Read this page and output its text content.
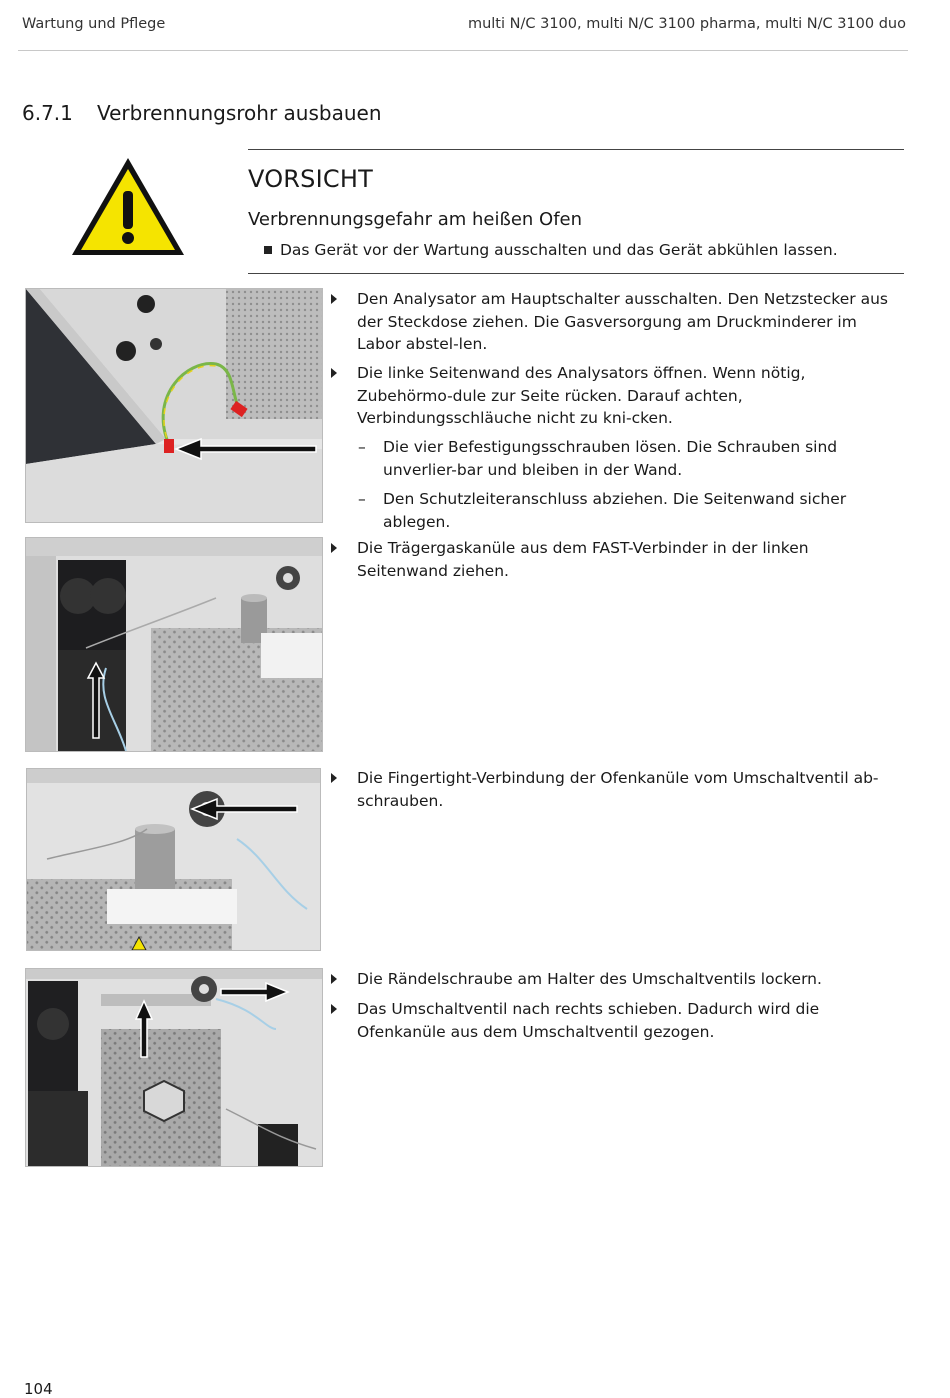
Wartung und Pflege	multi N/C 3100, multi N/C 3100 pharma, multi N/C 3100 duo
6.7.1 Verbrennungsrohr ausbauen
VORSICHT
Verbrennungsgefahr am heißen Ofen
Das Gerät vor der Wartung ausschalten und das Gerät abkühlen lassen.
Den Analysator am Hauptschalter ausschalten. Den Netzstecker aus der Steckdose ziehen. Die Gasversorgung am Druckminderer im Labor abstel-len.
Die linke Seitenwand des Analysators öffnen. Wenn nötig, Zubehörmo-dule zur Seite rücken. Darauf achten, Verbindungsschläuche nicht zu kni-cken.
– Die vier Befestigungsschrauben lösen. Die Schrauben sind unverlier-bar und bleiben in der Wand.
– Den Schutzleiteranschluss abziehen. Die Seitenwand sicher ablegen.
Die Trägergaskanüle aus dem FAST-Verbinder in der linken Seitenwand ziehen.
Die Fingertight-Verbindung der Ofenkanüle vom Umschaltventil ab-schrauben.
Die Rändelschraube am Halter des Umschaltventils lockern.
Das Umschaltventil nach rechts schieben. Dadurch wird die Ofenkanüle aus dem Umschaltventil gezogen.
104
